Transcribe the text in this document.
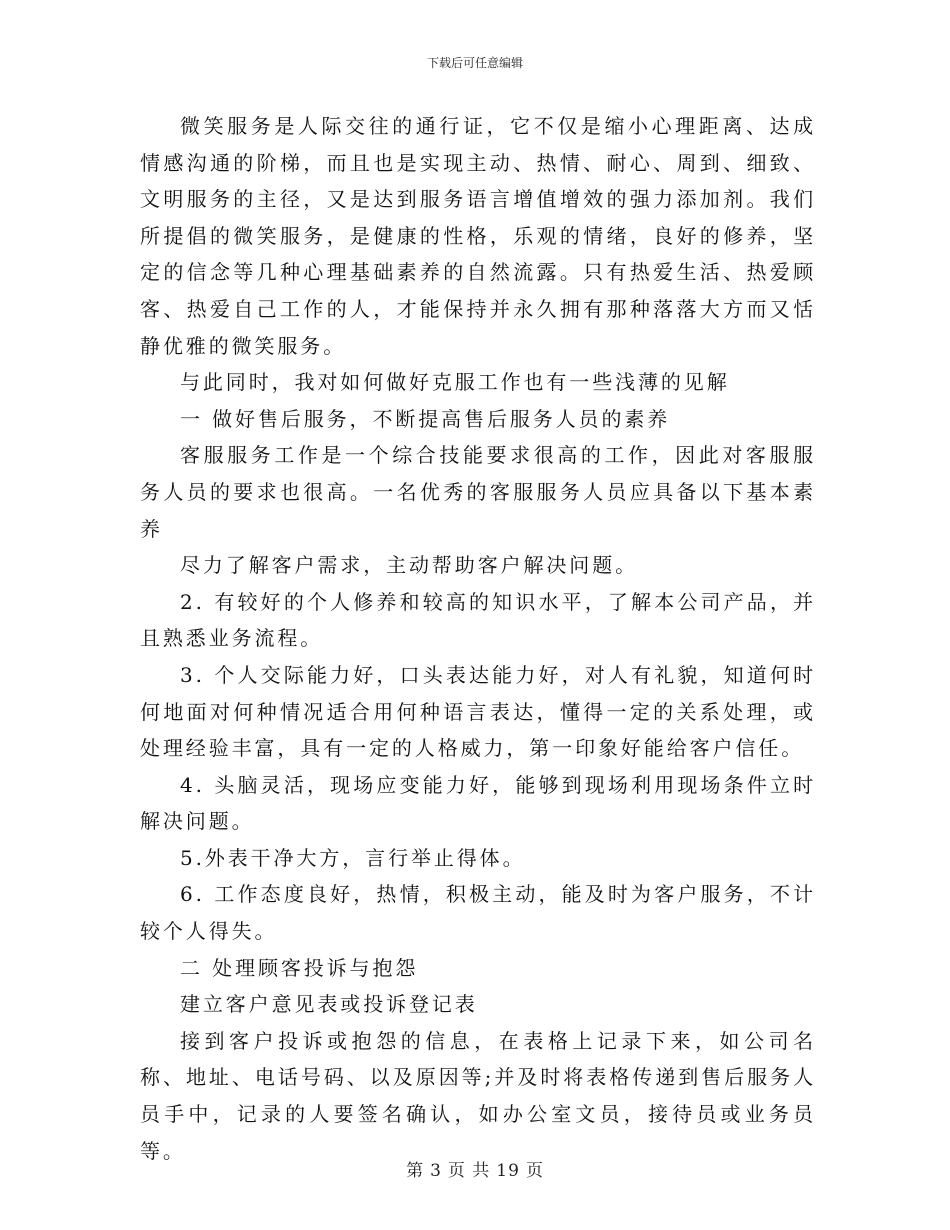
下载后可任意编辑

微笑服务是人际交往的通行证，它不仅是缩小心理距离、达成情感沟通的阶梯，而且也是实现主动、热情、耐心、周到、细致、文明服务的主径，又是达到服务语言增值增效的强力添加剂。我们所提倡的微笑服务，是健康的性格，乐观的情绪，良好的修养，坚定的信念等几种心理基础素养的自然流露。只有热爱生活、热爱顾客、热爱自己工作的人，才能保持并永久拥有那种落落大方而又恬静优雅的微笑服务。

与此同时，我对如何做好克服工作也有一些浅薄的见解

一 做好售后服务，不断提高售后服务人员的素养

客服服务工作是一个综合技能要求很高的工作，因此对客服服务人员的要求也很高。一名优秀的客服服务人员应具备以下基本素养

尽力了解客户需求，主动帮助客户解决问题。

2. 有较好的个人修养和较高的知识水平，了解本公司产品，并且熟悉业务流程。

3. 个人交际能力好，口头表达能力好，对人有礼貌，知道何时何地面对何种情况适合用何种语言表达，懂得一定的关系处理，或处理经验丰富，具有一定的人格威力，第一印象好能给客户信任。

4. 头脑灵活，现场应变能力好，能够到现场利用现场条件立时解决问题。

5.外表干净大方，言行举止得体。

6. 工作态度良好，热情，积极主动，能及时为客户服务，不计较个人得失。

二 处理顾客投诉与抱怨

建立客户意见表或投诉登记表

接到客户投诉或抱怨的信息，在表格上记录下来，如公司名称、地址、电话号码、以及原因等;并及时将表格传递到售后服务人员手中，记录的人要签名确认，如办公室文员，接待员或业务员等。

第 3 页 共 19 页
